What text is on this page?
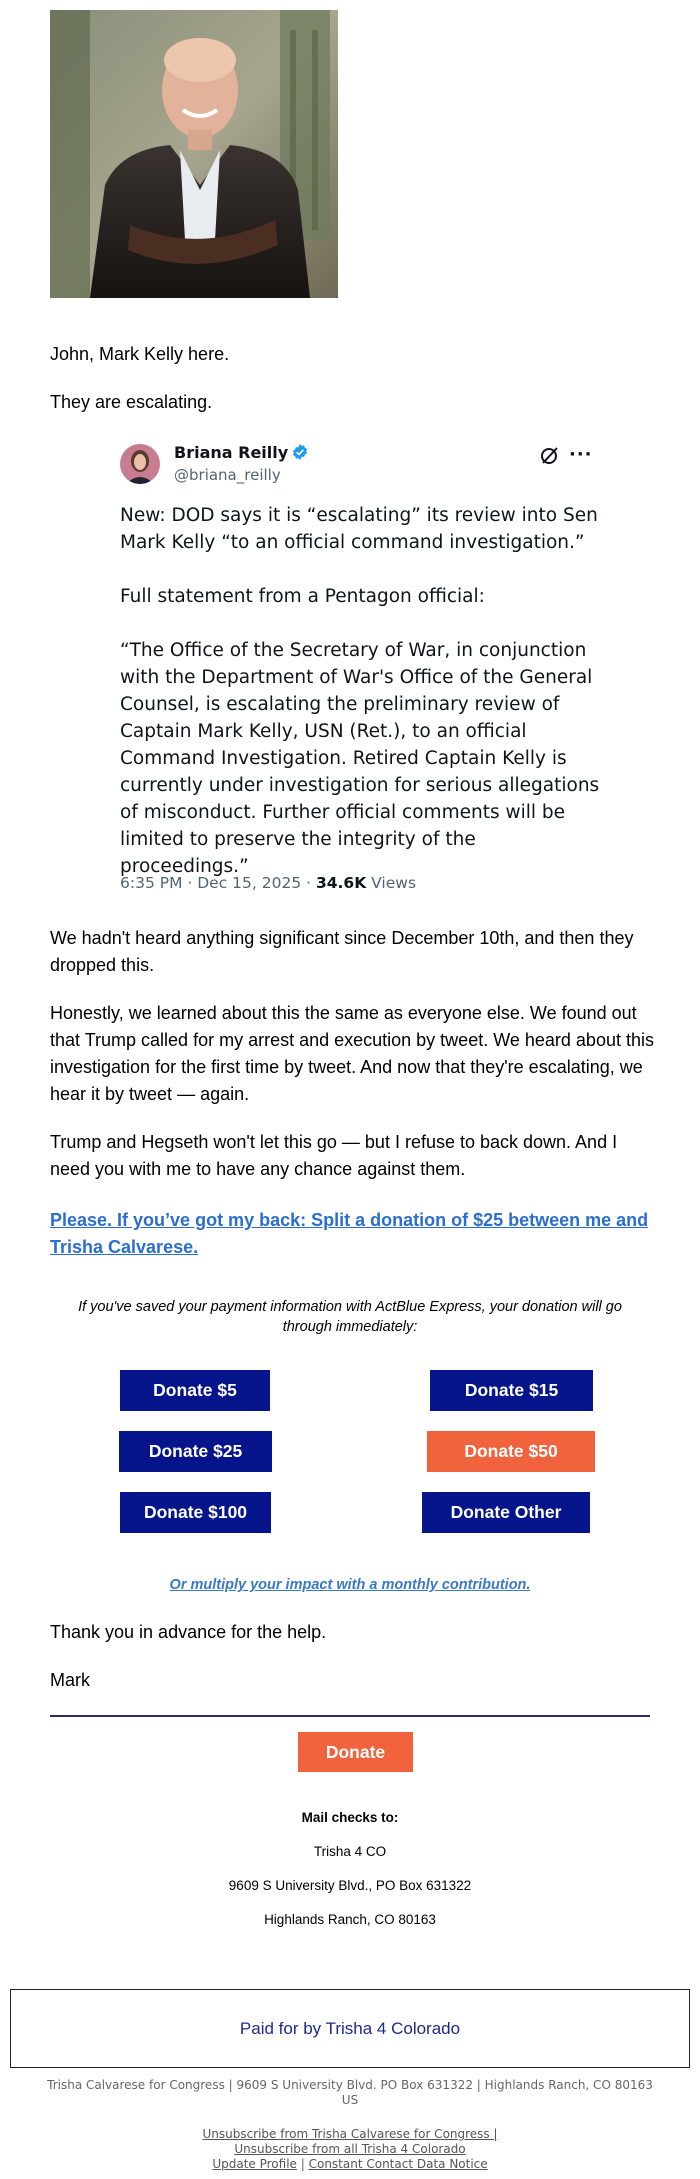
John, Mark Kelly here.
They are escalating.
Briana Reilly
@briana_reilly
···

New: DOD says it is “escalating” its review into Sen Mark Kelly “to an official command investigation.”

Full statement from a Pentagon official:

“The Office of the Secretary of War, in conjunction with the Department of War's Office of the General Counsel, is escalating the preliminary review of Captain Mark Kelly, USN (Ret.), to an official Command Investigation. Retired Captain Kelly is currently under investigation for serious allegations of misconduct. Further official comments will be limited to preserve the integrity of the proceedings.”

6:35 PM · Dec 15, 2025 · 34.6K Views
We hadn't heard anything significant since December 10th, and then they dropped this.
Honestly, we learned about this the same as everyone else. We found out that Trump called for my arrest and execution by tweet. We heard about this investigation for the first time by tweet. And now that they're escalating, we hear it by tweet — again.
Trump and Hegseth won't let this go — but I refuse to back down. And I need you with me to have any chance against them.
Please. If you’ve got my back: Split a donation of $25 between me and Trisha Calvarese.
If you've saved your payment information with ActBlue Express, your donation will go through immediately:
Donate $5	Donate $15
Donate $25	Donate $50
Donate $100	Donate Other
Or multiply your impact with a monthly contribution.
Thank you in advance for the help.
Mark
Donate
Mail checks to:
Trisha 4 CO
9609 S University Blvd., PO Box 631322
Highlands Ranch, CO 80163
Paid for by Trisha 4 Colorado
Trisha Calvarese for Congress | 9609 S University Blvd. PO Box 631322 | Highlands Ranch, CO 80163 US
Unsubscribe from Trisha Calvarese for Congress |
Unsubscribe from all Trisha 4 Colorado
Update Profile | Constant Contact Data Notice
